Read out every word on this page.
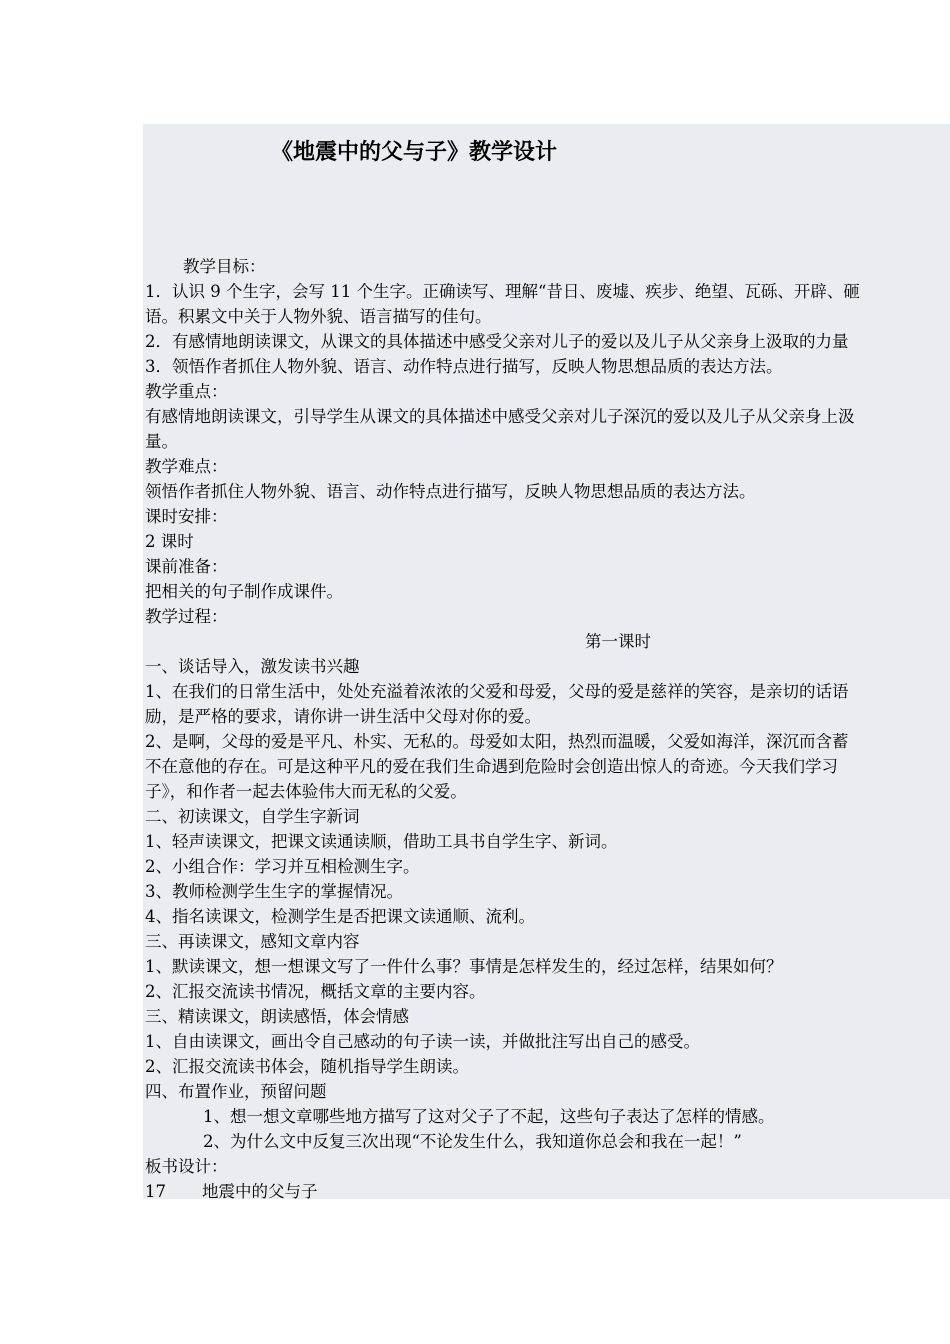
《地震中的父与子》教学设计
教学目标：
1．认识 9 个生字，会写 11 个生字。正确读写、理解“昔日、废墟、疾步、绝望、瓦砾、开辟、砸
语。积累文中关于人物外貌、语言描写的佳句。
2．有感情地朗读课文，从课文的具体描述中感受父亲对儿子的爱以及儿子从父亲身上汲取的力量
3．领悟作者抓住人物外貌、语言、动作特点进行描写，反映人物思想品质的表达方法。
教学重点：
有感情地朗读课文，引导学生从课文的具体描述中感受父亲对儿子深沉的爱以及儿子从父亲身上汲
量。
教学难点：
领悟作者抓住人物外貌、语言、动作特点进行描写，反映人物思想品质的表达方法。
课时安排：
2 课时
课前准备：
把相关的句子制作成课件。
教学过程：
第一课时
一、谈话导入，激发读书兴趣
1、在我们的日常生活中，处处充溢着浓浓的父爱和母爱，父母的爱是慈祥的笑容，是亲切的话语
励，是严格的要求，请你讲一讲生活中父母对你的爱。
2、是啊，父母的爱是平凡、朴实、无私的。母爱如太阳，热烈而温暖，父爱如海洋，深沉而含蓄
不在意他的存在。可是这种平凡的爱在我们生命遇到危险时会创造出惊人的奇迹。今天我们学习
子》，和作者一起去体验伟大而无私的父爱。
二、初读课文，自学生字新词
1、轻声读课文，把课文读通读顺，借助工具书自学生字、新词。
2、小组合作：学习并互相检测生字。
3、教师检测学生生字的掌握情况。
4、指名读课文，检测学生是否把课文读通顺、流利。
三、再读课文，感知文章内容
1、默读课文，想一想课文写了一件什么事？事情是怎样发生的，经过怎样，结果如何？
2、汇报交流读书情况，概括文章的主要内容。
三、精读课文，朗读感悟，体会情感
1、自由读课文，画出令自己感动的句子读一读，并做批注写出自己的感受。
2、汇报交流读书体会，随机指导学生朗读。
四、布置作业，预留问题
1、想一想文章哪些地方描写了这对父子了不起，这些句子表达了怎样的情感。
2、为什么文中反复三次出现“不论发生什么，我知道你总会和我在一起！”
板书设计：
17	地震中的父与子
